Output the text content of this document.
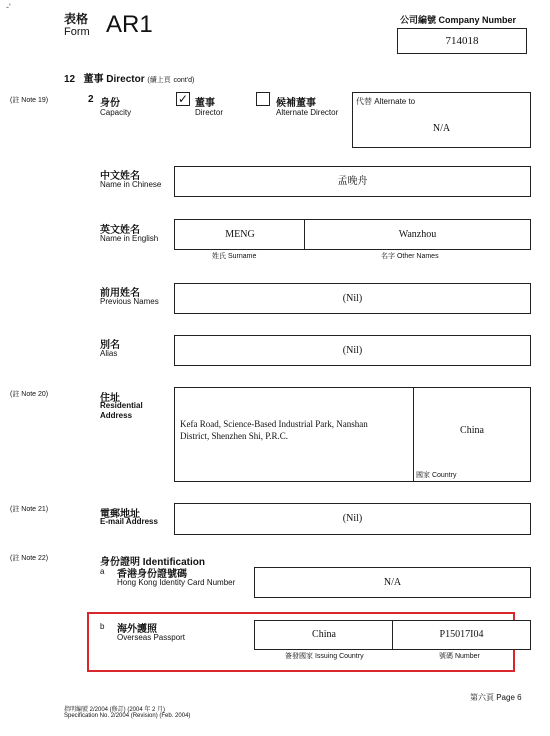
-'
表格
Form AR1	公司編號 Company Number
714018
12 董事 Director (續上頁 cont'd)
(註 Note 19)	2 身份
Capacity
✓ 董事
Director
候補董事
Alternate Director
代替 Alternate to
N/A
中文姓名
Name in Chinese	孟晚舟
英文姓名
Name in English	MENG	Wanzhou
姓氏 Surname	名字 Other Names
前用姓名
Previous Names	(Nil)
別名
Alias	(Nil)
(註 Note 20)	住址
Residential
Address
Kefa Road, Science-Based Industrial Park, Nanshan
District, Shenzhen Shi, P.R.C.	China
國家 Country
(註 Note 21)	電郵地址
E-mail Address	(Nil)
(註 Note 22)	身份證明 Identification
a 香港身份證號碼
Hong Kong Identity Card Number	N/A
b 海外護照
Overseas Passport	China	P15017I04
簽發國家 Issuing Country	號碼 Number
第六頁 Page 6
指明編號 2/2004 (修訂) (2004 年 2 月)
Specification No. 2/2004 (Revision) (Feb. 2004)
